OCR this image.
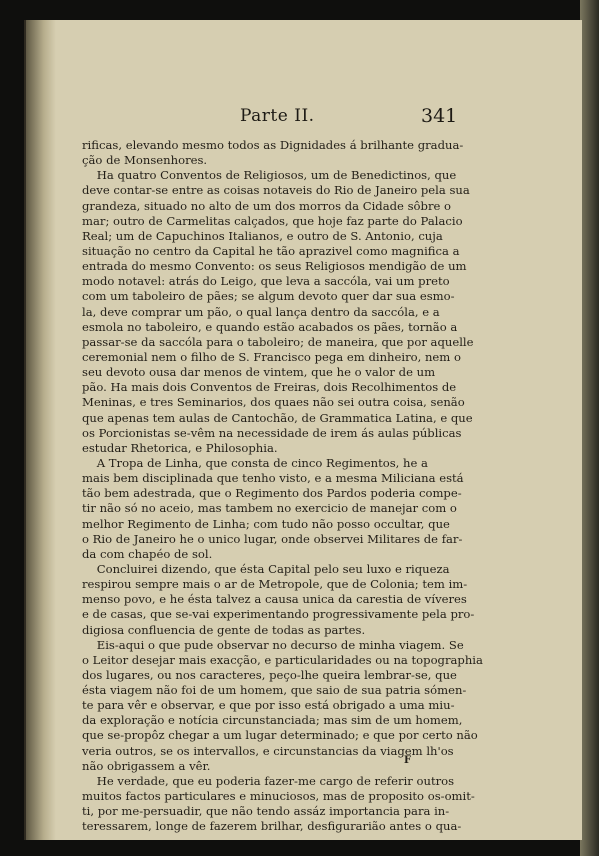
Parte II.	341
rificas, elevando mesmo todos as Dignidades á brilhante gradua-
ção de Monsenhores.
Ha quatro Conventos de Religiosos, um de Benedictinos, que
deve contar-se entre as coisas notaveis do Rio de Janeiro pela sua
grandeza, situado no alto de um dos morros da Cidade sôbre o
mar; outro de Carmelitas calçados, que hoje faz parte do Palacio
Real; um de Capuchinos Italianos, e outro de S. Antonio, cuja
situação no centro da Capital he tão aprazivel como magnifica a
entrada do mesmo Convento: os seus Religiosos mendigão de um
modo notavel: atrás do Leigo, que leva a saccóla, vai um preto
com um taboleiro de pães; se algum devoto quer dar sua esmo-
la, deve comprar um pão, o qual lança dentro da saccóla, e a
esmola no taboleiro, e quando estão acabados os pães, tornão a
passar-se da saccóla para o taboleiro; de maneira, que por aquelle
ceremonial nem o filho de S. Francisco pega em dinheiro, nem o
seu devoto ousa dar menos de vintem, que he o valor de um
pão. Ha mais dois Conventos de Freiras, dois Recolhimentos de
Meninas, e tres Seminarios, dos quaes não sei outra coisa, senão
que apenas tem aulas de Cantochão, de Grammatica Latina, e que
os Porcionistas se-vêm na necessidade de irem ás aulas públicas
estudar Rhetorica, e Philosophia.
A Tropa de Linha, que consta de cinco Regimentos, he a
mais bem disciplinada que tenho visto, e a mesma Miliciana está
tão bem adestrada, que o Regimento dos Pardos poderia compe-
tir não só no aceio, mas tambem no exercicio de manejar com o
melhor Regimento de Linha; com tudo não posso occultar, que
o Rio de Janeiro he o unico lugar, onde observei Militares de far-
da com chapéo de sol.
Concluirei dizendo, que ésta Capital pelo seu luxo e riqueza
respirou sempre mais o ar de Metropole, que de Colonia; tem im-
menso povo, e he ésta talvez a causa unica da carestia de víveres
e de casas, que se-vai experimentando progressivamente pela pro-
digiosa confluencia de gente de todas as partes.
Eis-aqui o que pude observar no decurso de minha viagem. Se
o Leitor desejar mais exacção, e particularidades ou na topographia
dos lugares, ou nos caracteres, peço-lhe queira lembrar-se, que
ésta viagem não foi de um homem, que saio de sua patria sómen-
te para vêr e observar, e que por isso está obrigado a uma miu-
da exploração e notícia circunstanciada; mas sim de um homem,
que se-propôz chegar a um lugar determinado; e que por certo não
veria outros, se os intervallos, e circunstancias da viagem lh'os
não obrigassem a vêr.
He verdade, que eu poderia fazer-me cargo de referir outros
muitos factos particulares e minuciosos, mas de proposito os-omit-
ti, por me-persuadir, que não tendo assáz importancia para in-
teressarem, longe de fazerem brilhar, desfigurarião antes o qua-
F
